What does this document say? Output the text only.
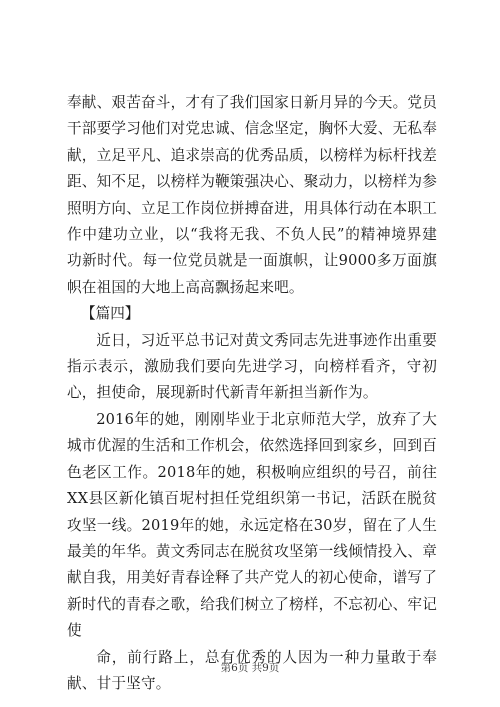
奉献、艰苦奋斗，才有了我们国家日新月异的今天。党员干部要学习他们对党忠诚、信念坚定，胸怀大爱、无私奉献，立足平凡、追求崇高的优秀品质，以榜样为标杆找差距、知不足，以榜样为鞭策强决心、聚动力，以榜样为参照明方向、立足工作岗位拼搏奋进，用具体行动在本职工作中建功立业，以“我将无我、不负人民”的精神境界建功新时代。每一位党员就是一面旗帜，让9000多万面旗帜在祖国的大地上高高飘扬起来吧。

【篇四】

近日，习近平总书记对黄文秀同志先进事迹作出重要指示表示，激励我们要向先进学习，向榜样看齐，守初心，担使命，展现新时代新青年新担当新作为。

2016年的她，刚刚毕业于北京师范大学，放弃了大城市优渥的生活和工作机会，依然选择回到家乡，回到百色老区工作。2018年的她，积极响应组织的号召，前往XX县区新化镇百坭村担任党组织第一书记，活跃在脱贫攻坚一线。2019年的她，永远定格在30岁，留在了人生最美的年华。黄文秀同志在脱贫攻坚第一线倾情投入、章献自我，用美好青春诠释了共产党人的初心使命，谱写了新时代的青春之歌，给我们树立了榜样，不忘初心、牢记使

命，前行路上，总有优秀的人因为一种力量敢于奉献、甘于坚守。

第6页 共9页
